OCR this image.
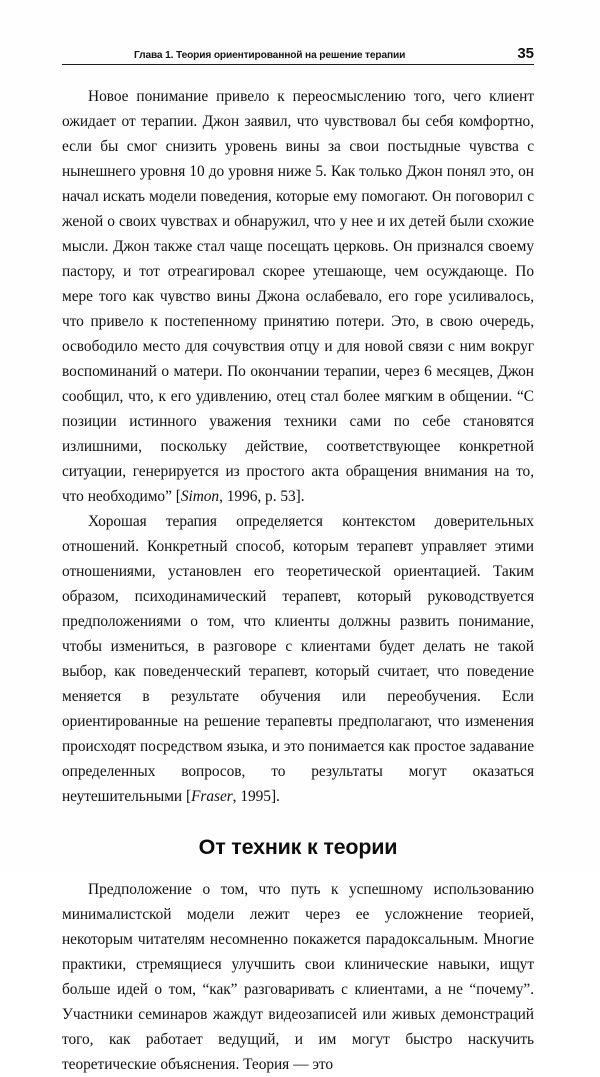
Глава 1. Теория ориентированной на решение терапии	35

Новое понимание привело к переосмыслению того, чего клиент ожидает от терапии. Джон заявил, что чувствовал бы себя комфортно, если бы смог снизить уровень вины за свои постыдные чувства с нынешнего уровня 10 до уровня ниже 5. Как только Джон понял это, он начал искать модели поведения, которые ему помогают. Он поговорил с женой о своих чувствах и обнаружил, что у нее и их детей были схожие мысли. Джон также стал чаще посещать церковь. Он признался своему пастору, и тот отреагировал скорее утешающе, чем осуждающе. По мере того как чувство вины Джона ослабевало, его горе усиливалось, что привело к постепенному принятию потери. Это, в свою очередь, освободило место для сочувствия отцу и для новой связи с ним вокруг воспоминаний о матери. По окончании терапии, через 6 месяцев, Джон сообщил, что, к его удивлению, отец стал более мягким в общении. “С позиции истинного уважения техники сами по себе становятся излишними, поскольку действие, соответствующее конкретной ситуации, генерируется из простого акта обращения внимания на то, что необходимо” [Simon, 1996, p. 53].

Хорошая терапия определяется контекстом доверительных отношений. Конкретный способ, которым терапевт управляет этими отношениями, установлен его теоретической ориентацией. Таким образом, психодинамический терапевт, который руководствуется предположениями о том, что клиенты должны развить понимание, чтобы измениться, в разговоре с клиентами будет делать не такой выбор, как поведенческий терапевт, который считает, что поведение меняется в результате обучения или переобучения. Если ориентированные на решение терапевты предполагают, что изменения происходят посредством языка, и это понимается как простое задавание определенных вопросов, то результаты могут оказаться неутешительными [Fraser, 1995].

От техник к теории

Предположение о том, что путь к успешному использованию минималистской модели лежит через ее усложнение теорией, некоторым читателям несомненно покажется парадоксальным. Многие практики, стремящиеся улучшить свои клинические навыки, ищут больше идей о том, “как” разговаривать с клиентами, а не “почему”. Участники семинаров жаждут видеозаписей или живых демонстраций того, как работает ведущий, и им могут быстро наскучить теоретические объяснения. Теория — это
